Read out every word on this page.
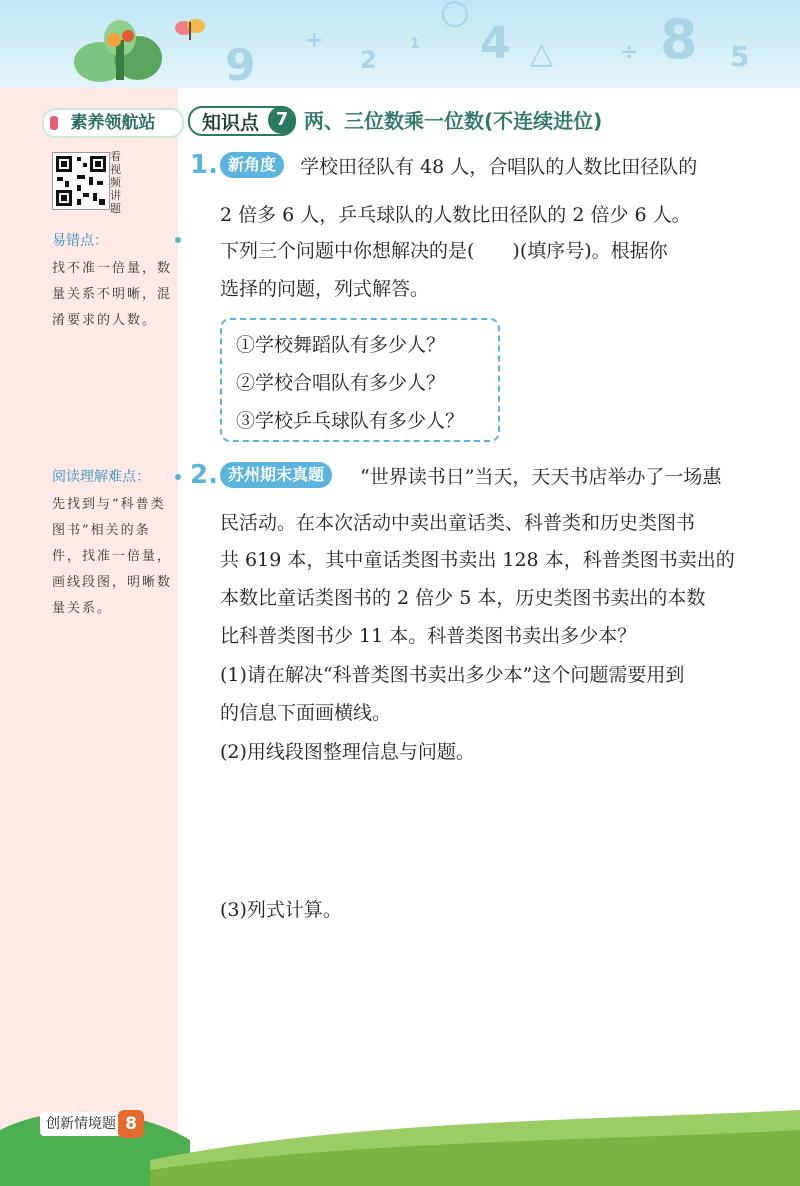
+
2
1
○
4 △	÷ 8 5
9
素养领航站	知识点 7 两、三位数乘一位数(不连续进位)
看视频讲题
易错点：
找不准一倍量，数量关系不明晰，混淆要求的人数。
阅读理解难点：
先找到与“科普类图书”相关的条件，找准一倍量，画线段图，明晰数量关系。
1. 新角度	学校田径队有 48 人，合唱队的人数比田径队的
2 倍多 6 人，乒乓球队的人数比田径队的 2 倍少 6 人。
下列三个问题中你想解决的是(　　)(填序号)。根据你
选择的问题，列式解答。
①学校舞蹈队有多少人？
②学校合唱队有多少人？
③学校乒乓球队有多少人？
2. 苏州期末真题	“世界读书日”当天，天天书店举办了一场惠
民活动。在本次活动中卖出童话类、科普类和历史类图书
共 619 本，其中童话类图书卖出 128 本，科普类图书卖出的
本数比童话类图书的 2 倍少 5 本，历史类图书卖出的本数
比科普类图书少 11 本。科普类图书卖出多少本？
(1)请在解决“科普类图书卖出多少本”这个问题需要用到
的信息下面画横线。
(2)用线段图整理信息与问题。
(3)列式计算。
创新情境题 8
